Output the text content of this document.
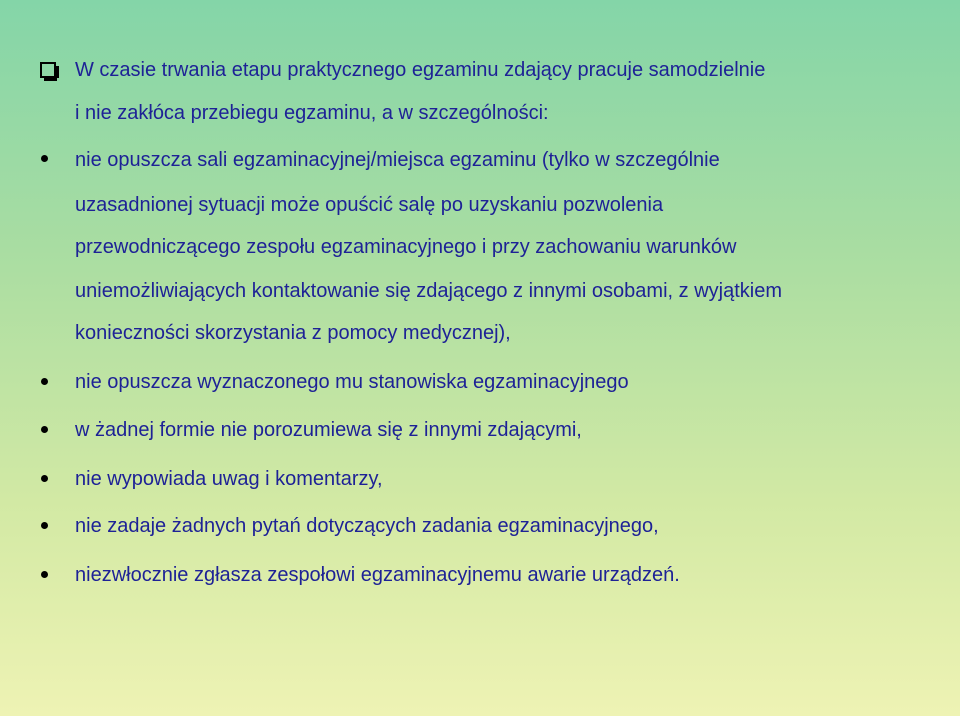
W czasie trwania etapu praktycznego egzaminu zdający pracuje samodzielnie
i nie zakłóca przebiegu egzaminu, a w szczególności:
nie opuszcza sali egzaminacyjnej/miejsca egzaminu (tylko w szczególnie
uzasadnionej sytuacji może opuścić salę po uzyskaniu pozwolenia
przewodniczącego zespołu egzaminacyjnego i przy zachowaniu warunków
uniemożliwiających kontaktowanie się zdającego z innymi osobami, z wyjątkiem
konieczności skorzystania z pomocy medycznej),
nie opuszcza wyznaczonego mu stanowiska egzaminacyjnego
w żadnej formie nie porozumiewa się z innymi zdającymi,
nie wypowiada uwag i komentarzy,
nie zadaje żadnych pytań dotyczących zadania egzaminacyjnego,
niezwłocznie zgłasza zespołowi egzaminacyjnemu awarie urządzeń.
